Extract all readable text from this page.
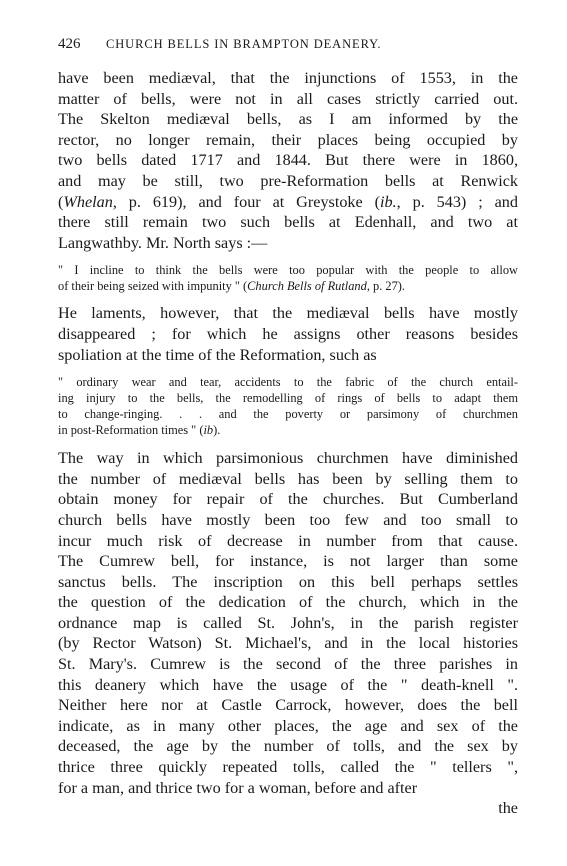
426	CHURCH BELLS IN BRAMPTON DEANERY.
have been mediæval, that the injunctions of 1553, in the
matter of bells, were not in all cases strictly carried out.
The Skelton mediæval bells, as I am informed by the
rector, no longer remain, their places being occupied by
two bells dated 1717 and 1844. But there were in 1860,
and may be still, two pre-Reformation bells at Renwick
(Whelan, p. 619), and four at Greystoke (ib., p. 543) ; and
there still remain two such bells at Edenhall, and two at
Langwathby. Mr. North says :—
" I incline to think the bells were too popular with the people to allow
of their being seized with impunity " (Church Bells of Rutland, p. 27).
He laments, however, that the mediæval bells have mostly
disappeared ; for which he assigns other reasons besides
spoliation at the time of the Reformation, such as
" ordinary wear and tear, accidents to the fabric of the church entail-
ing injury to the bells, the remodelling of rings of bells to adapt them
to change-ringing. . . and the poverty or parsimony of churchmen
in post-Reformation times " (ib).
The way in which parsimonious churchmen have diminished
the number of mediæval bells has been by selling them to
obtain money for repair of the churches. But Cumberland
church bells have mostly been too few and too small to
incur much risk of decrease in number from that cause.
The Cumrew bell, for instance, is not larger than some
sanctus bells. The inscription on this bell perhaps settles
the question of the dedication of the church, which in the
ordnance map is called St. John's, in the parish register
(by Rector Watson) St. Michael's, and in the local histories
St. Mary's. Cumrew is the second of the three parishes in
this deanery which have the usage of the " death-knell ".
Neither here nor at Castle Carrock, however, does the bell
indicate, as in many other places, the age and sex of the
deceased, the age by the number of tolls, and the sex by
thrice three quickly repeated tolls, called the " tellers ",
for a man, and thrice two for a woman, before and after
the
